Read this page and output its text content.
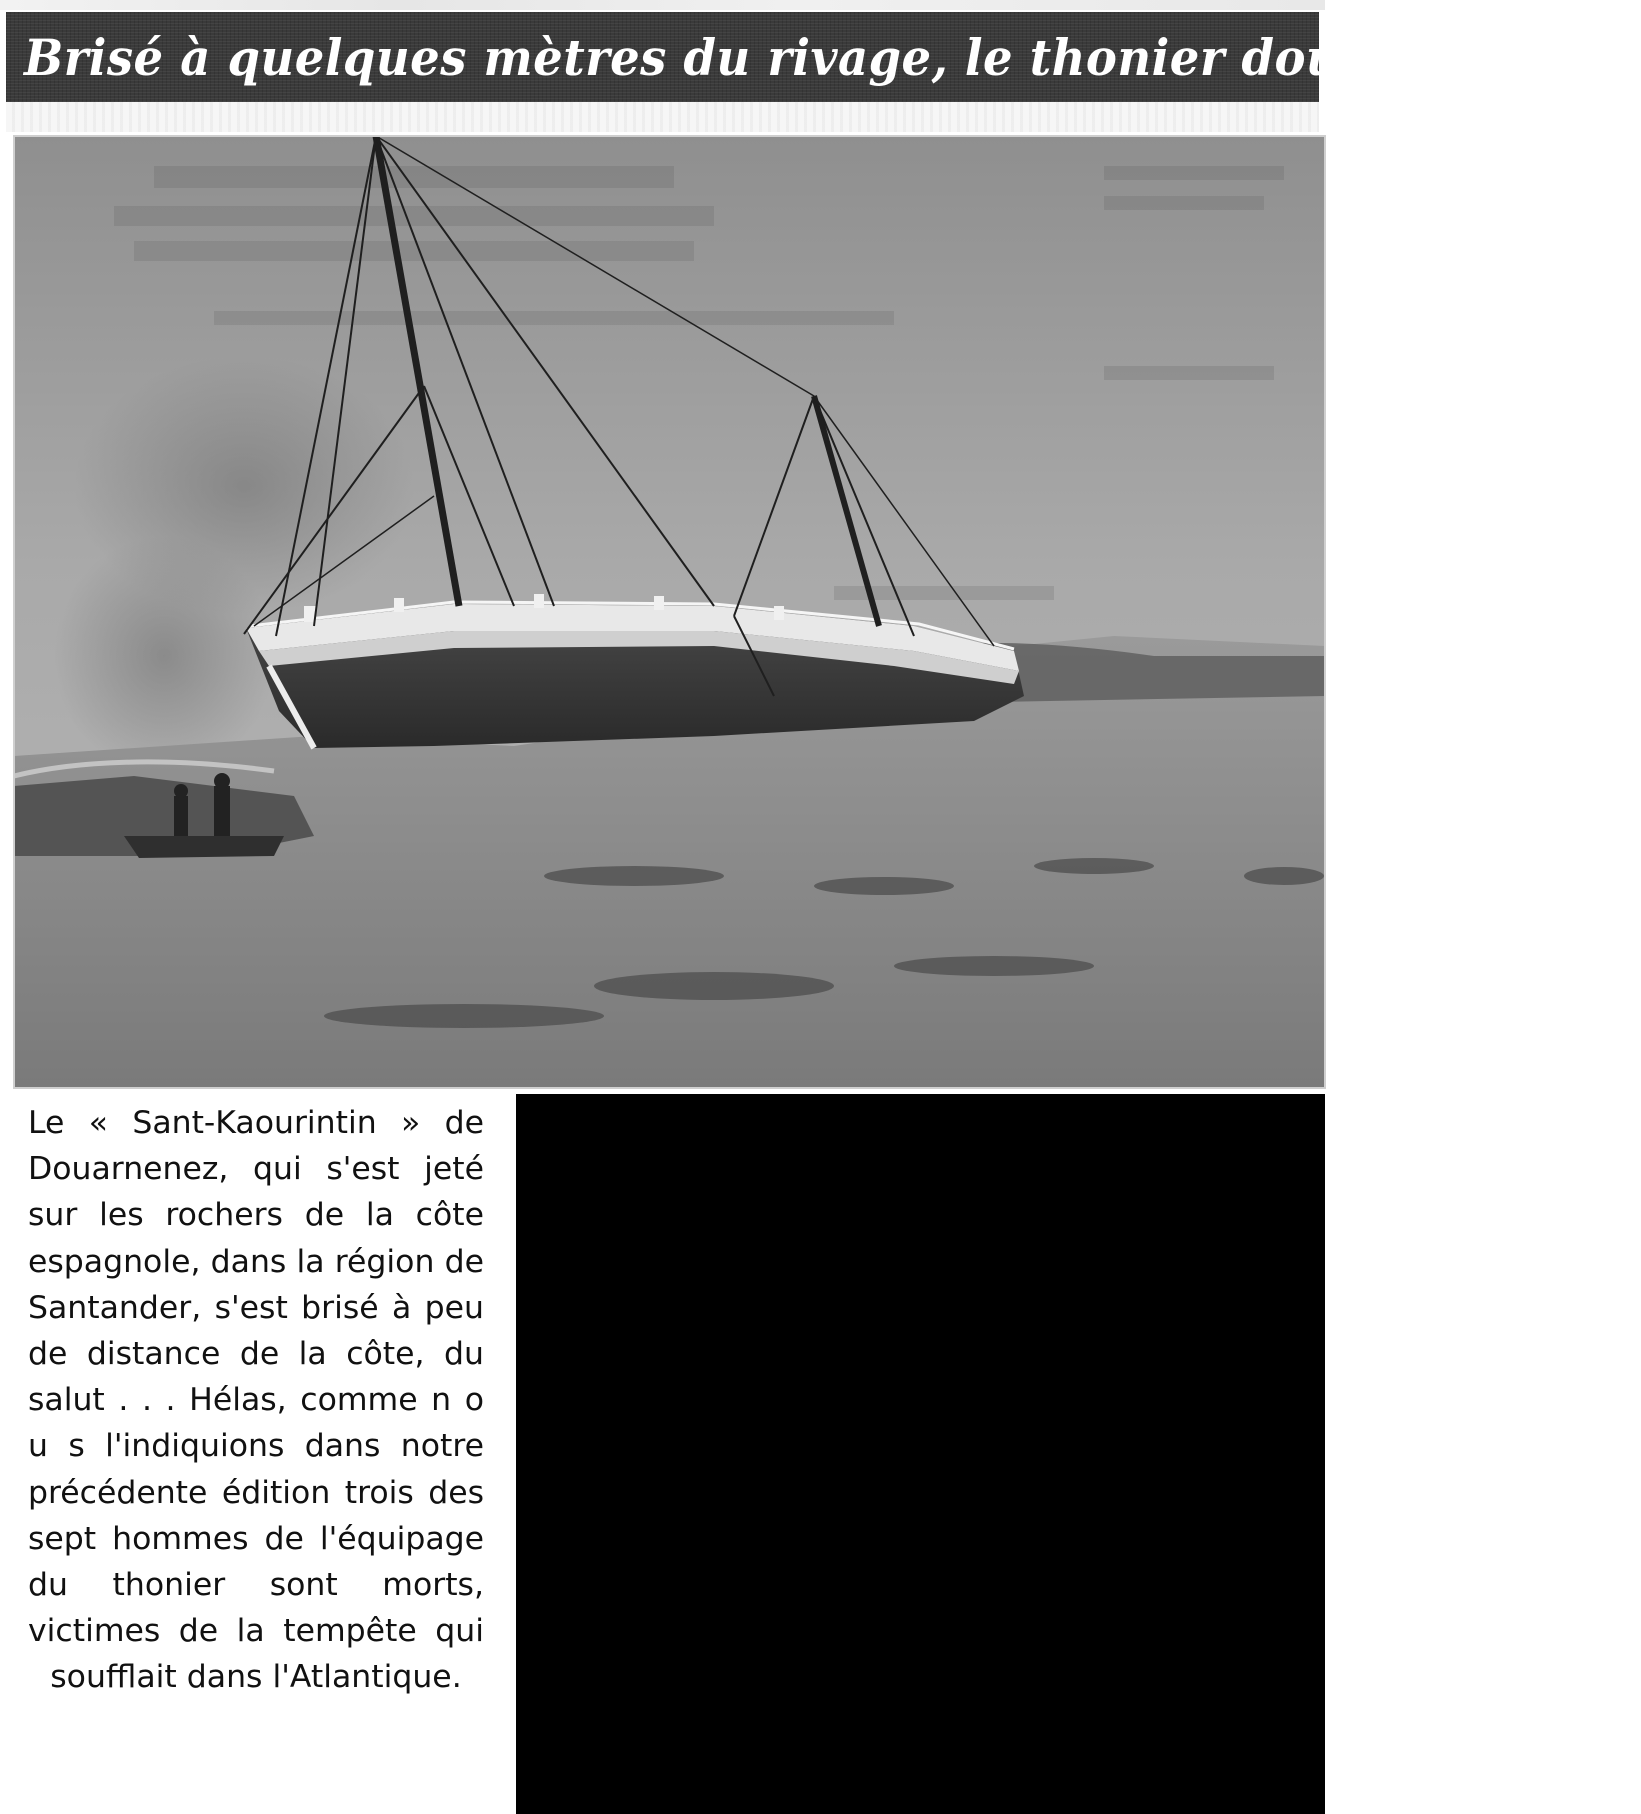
Brisé à quelques mètres du rivage, le thonier douarneniste...

Le « Sant-Kaourintin » de Douarnenez, qui s'est jeté sur les rochers de la côte espagnole, dans la région de Santander, s'est brisé à peu de distance de la côte, du salut . . . Hélas, comme n o u s l'indiquions dans notre précédente édition trois des sept hommes de l'équipage du thonier sont morts, victimes de la tempête qui soufflait dans l'Atlantique.
